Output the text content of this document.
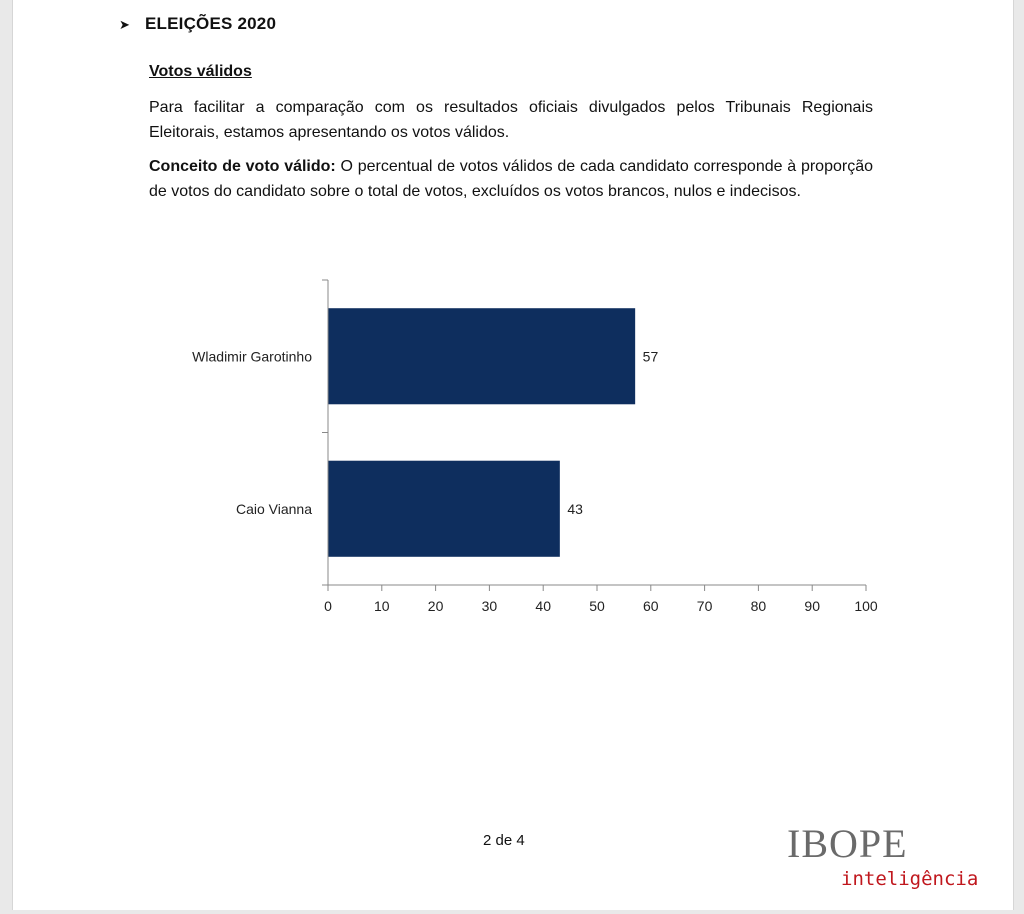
➤ ELEIÇÕES 2020
Votos válidos
Para facilitar a comparação com os resultados oficiais divulgados pelos Tribunais Regionais Eleitorais, estamos apresentando os votos válidos.
Conceito de voto válido: O percentual de votos válidos de cada candidato corresponde à proporção de votos do candidato sobre o total de votos, excluídos os votos brancos, nulos e indecisos.
0	10	20	30	40	50	60	70	80	90 100
Wladimir Garotinho	57
Caio Vianna	43
2 de 4	IBOPE
inteligência
